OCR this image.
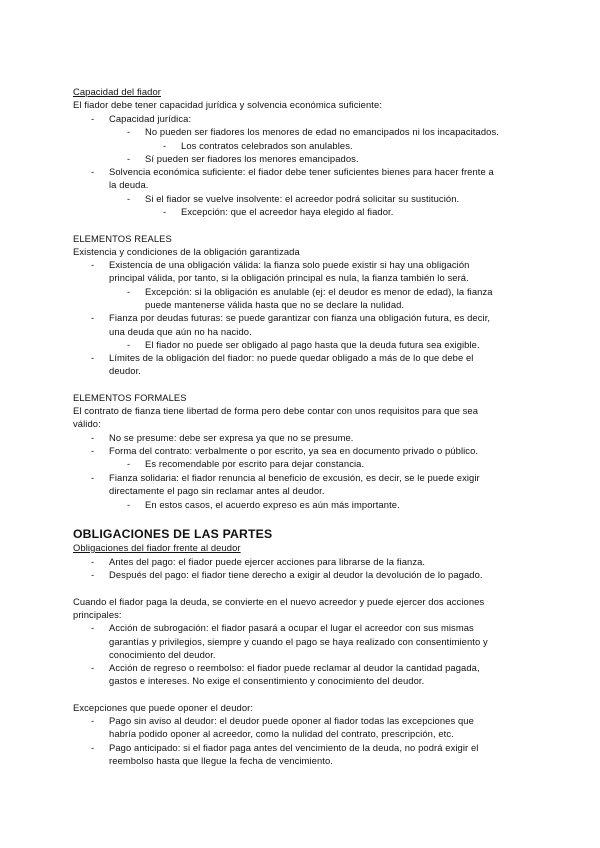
Capacidad del fiador
El fiador debe tener capacidad jurídica y solvencia económica suficiente:
- Capacidad jurídica:
- No pueden ser fiadores los menores de edad no emancipados ni los incapacitados.
- Los contratos celebrados son anulables.
- Sí pueden ser fiadores los menores emancipados.
- Solvencia económica suficiente: el fiador debe tener suficientes bienes para hacer frente a
la deuda.
- Si el fiador se vuelve insolvente: el acreedor podrá solicitar su sustitución.
- Excepción: que el acreedor haya elegido al fiador.
ELEMENTOS REALES
Existencia y condiciones de la obligación garantizada
- Existencia de una obligación válida: la fianza solo puede existir si hay una obligación
principal válida, por tanto, si la obligación principal es nula, la fianza también lo será.
- Excepción: si la obligación es anulable (ej: el deudor es menor de edad), la fianza
puede mantenerse válida hasta que no se declare la nulidad.
- Fianza por deudas futuras: se puede garantizar con fianza una obligación futura, es decir,
una deuda que aún no ha nacido.
- El fiador no puede ser obligado al pago hasta que la deuda futura sea exigible.
- Límites de la obligación del fiador: no puede quedar obligado a más de lo que debe el
deudor.
ELEMENTOS FORMALES
El contrato de fianza tiene libertad de forma pero debe contar con unos requisitos para que sea
válido:
- No se presume: debe ser expresa ya que no se presume.
- Forma del contrato: verbalmente o por escrito, ya sea en documento privado o público.
- Es recomendable por escrito para dejar constancia.
- Fianza solidaria: el fiador renuncia al beneficio de excusión, es decir, se le puede exigir
directamente el pago sin reclamar antes al deudor.
- En estos casos, el acuerdo expreso es aún más importante.
OBLIGACIONES DE LAS PARTES
Obligaciones del fiador frente al deudor
- Antes del pago: el fiador puede ejercer acciones para librarse de la fianza.
- Después del pago: el fiador tiene derecho a exigir al deudor la devolución de lo pagado.
Cuando el fiador paga la deuda, se convierte en el nuevo acreedor y puede ejercer dos acciones
principales:
- Acción de subrogación: el fiador pasará a ocupar el lugar el acreedor con sus mismas
garantías y privilegios, siempre y cuando el pago se haya realizado con consentimiento y
conocimiento del deudor.
- Acción de regreso o reembolso: el fiador puede reclamar al deudor la cantidad pagada,
gastos e intereses. No exige el consentimiento y conocimiento del deudor.
Excepciones que puede oponer el deudor:
- Pago sin aviso al deudor: el deudor puede oponer al fiador todas las excepciones que
habría podido oponer al acreedor, como la nulidad del contrato, prescripción, etc.
- Pago anticipado: si el fiador paga antes del vencimiento de la deuda, no podrá exigir el
reembolso hasta que llegue la fecha de vencimiento.
